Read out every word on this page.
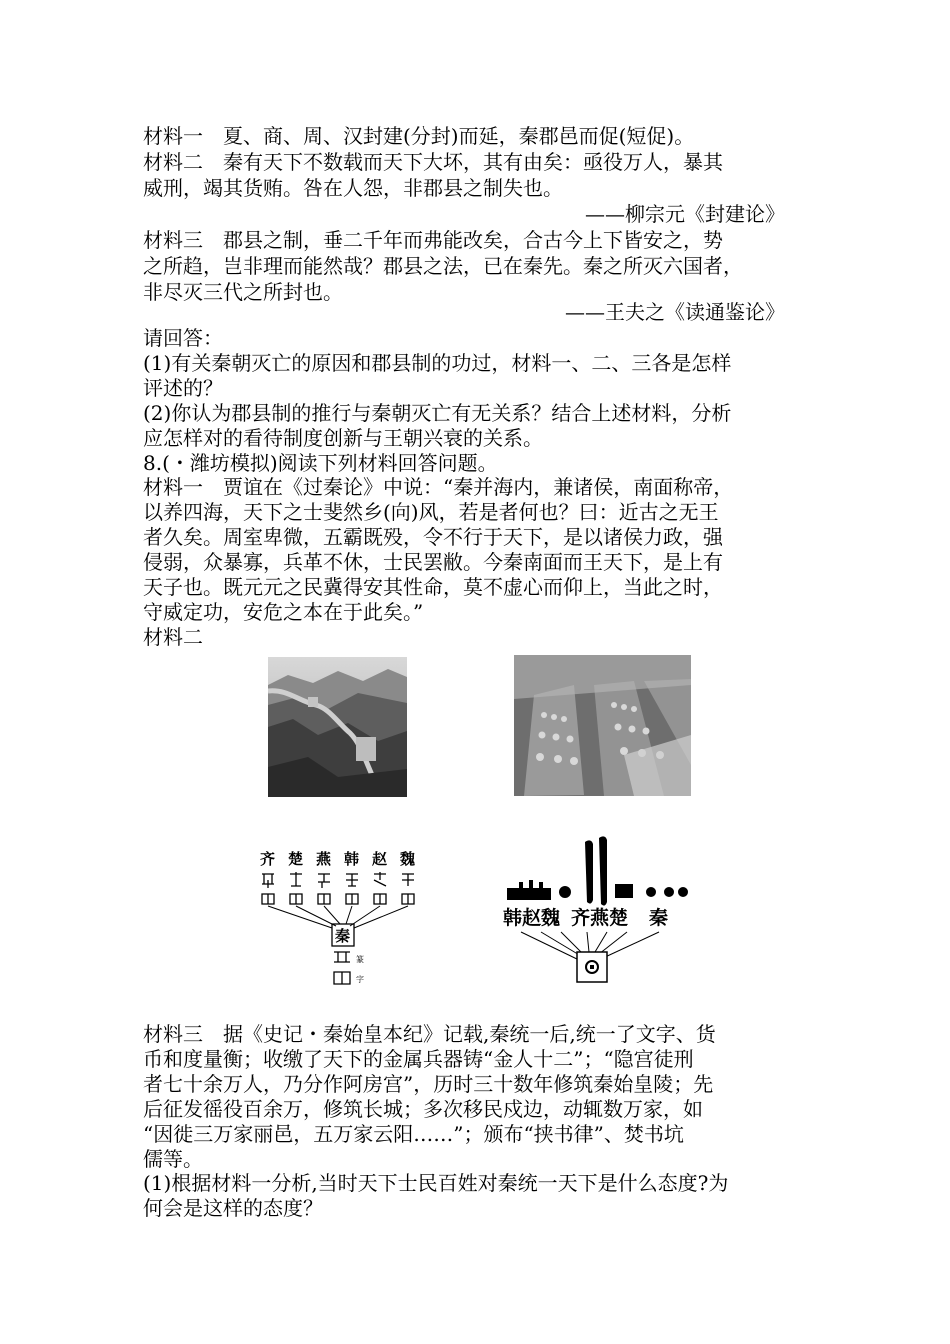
材料一　夏、商、周、汉封建(分封)而延，秦郡邑而促(短促)。
材料二　秦有天下不数载而天下大坏，其有由矣：亟役万人，暴其
威刑，竭其货贿。咎在人怨，非郡县之制失也。
——柳宗元《封建论》
材料三　郡县之制，垂二千年而弗能改矣，合古今上下皆安之，势
之所趋，岂非理而能然哉？郡县之法，已在秦先。秦之所灭六国者，
非尽灭三代之所封也。
——王夫之《读通鉴论》
请回答：
(1)有关秦朝灭亡的原因和郡县制的功过，材料一、二、三各是怎样
评述的？
(2)你认为郡县制的推行与秦朝灭亡有无关系？结合上述材料，分析
应怎样对的看待制度创新与王朝兴衰的关系。
8.(・潍坊模拟)阅读下列材料回答问题。
材料一　贾谊在《过秦论》中说：“秦并海内，兼诸侯，南面称帝，
以养四海，天下之士斐然乡(向)风，若是者何也？曰：近古之无王
者久矣。周室卑微，五霸既殁，令不行于天下，是以诸侯力政，强
侵弱，众暴寡，兵革不休，士民罢敝。今秦南面而王天下，是上有
天子也。既元元之民冀得安其性命，莫不虚心而仰上，当此之时，
守威定功，安危之本在于此矣。”
材料二
齐 楚 燕 韩 赵 魏
秦
篆
字
韩赵魏 齐燕楚 秦
材料三　据《史记・秦始皇本纪》记载,秦统一后,统一了文字、货
币和度量衡；收缴了天下的金属兵器铸“金人十二”；“隐宫徒刑
者七十余万人，乃分作阿房宫”，历时三十数年修筑秦始皇陵；先
后征发徭役百余万，修筑长城；多次移民戍边，动辄数万家，如
“因徙三万家丽邑，五万家云阳……”；颁布“挟书律”、焚书坑
儒等。
(1)根据材料一分析,当时天下士民百姓对秦统一天下是什么态度?为
何会是这样的态度？
